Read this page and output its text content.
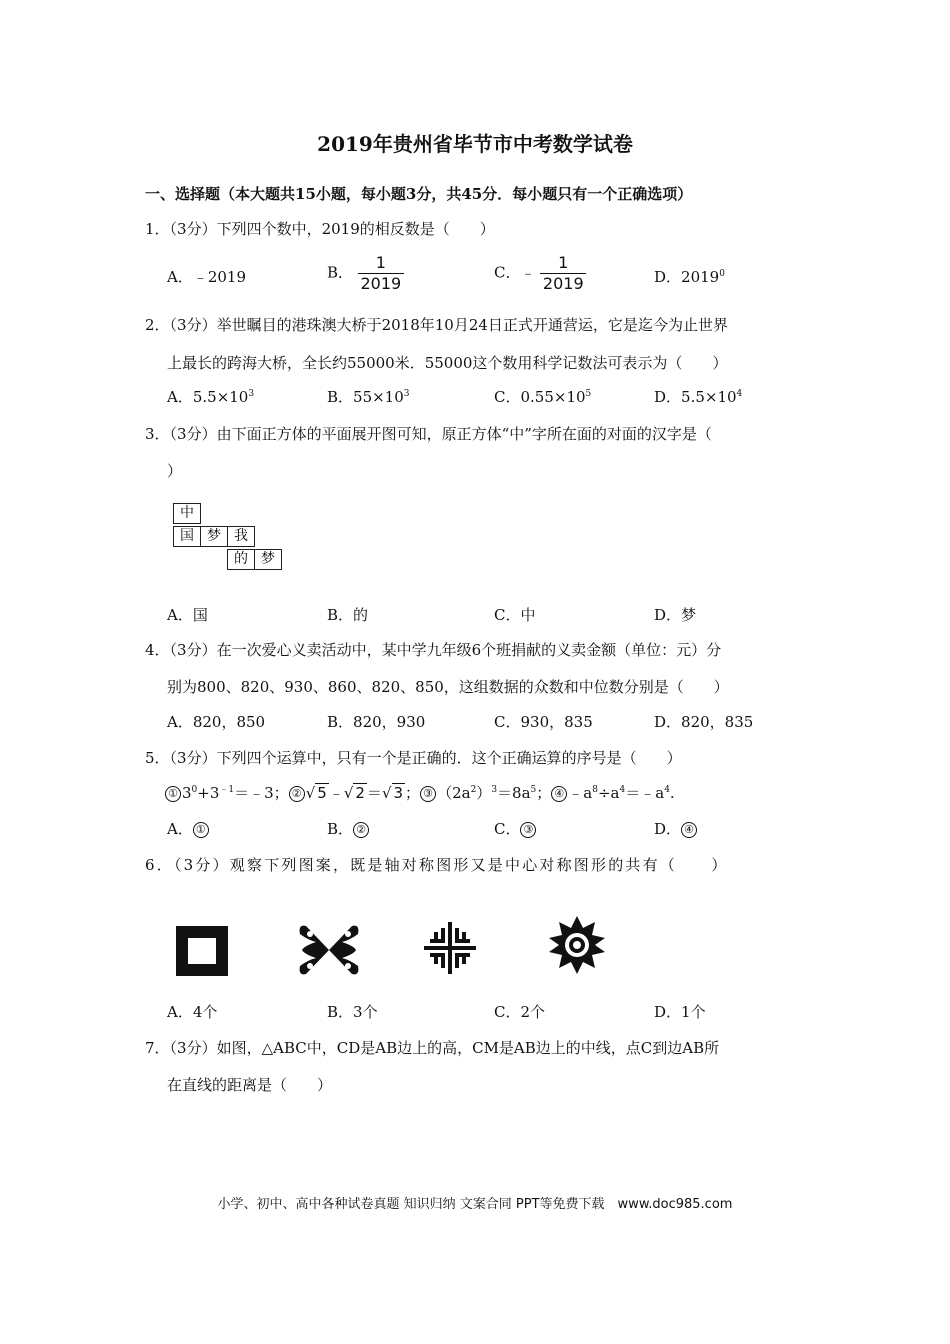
2019年贵州省毕节市中考数学试卷
一、选择题（本大题共15小题，每小题3分，共45分．每小题只有一个正确选项）
1．（3分）下列四个数中，2019的相反数是（　　）
A．﹣2019	B． $\frac{1}{2019}$	C．﹣ $\frac{1}{2019}$	D．2019$^0$
2．（3分）举世瞩目的港珠澳大桥于2018年10月24日正式开通营运，它是迄今为止世界
上最长的跨海大桥，全长约55000米．55000这个数用科学记数法可表示为（　　）
A．$5.5\times 10^3$	B．$55\times 10^3$	C．$0.55\times 10^5$	D．$5.5\times 10^4$
3．（3分）由下面正方体的平面展开图可知，原正方体“中”字所在面的对面的汉字是（
）
中
国 梦 我
的 梦
A．国	B．的	C．中	D．梦
4．（3分）在一次爱心义卖活动中，某中学九年级6个班捐献的义卖金额（单位：元）分
别为800、820、930、860、820、850，这组数据的众数和中位数分别是（　　）
A．820，850	B．820，930	C．930，835	D．820，835
5．（3分）下列四个运算中，只有一个是正确的．这个正确运算的序号是（　　）
① $3^0+3^{﹣1}=﹣3$； ② √ 5 ﹣√ 2 ＝√ 3 ； ③ $(2a^2)^3=8a^5$； ④ $﹣a^8\div a^4=﹣a^4$.
A． ①	B． ②	C． ③	D． ④
6．（3分）观察下列图案，既是轴对称图形又是中心对称图形的共有（　　）
A．4个	B．3个	C．2个	D．1个
7．（3分）如图，△ABC中，CD是AB边上的高，CM是AB边上的中线，点C到边AB所
在直线的距离是（　　）
小学、初中、高中各种试卷真题 知识归纳 文案合同 PPT等免费下载　www.doc985.com
